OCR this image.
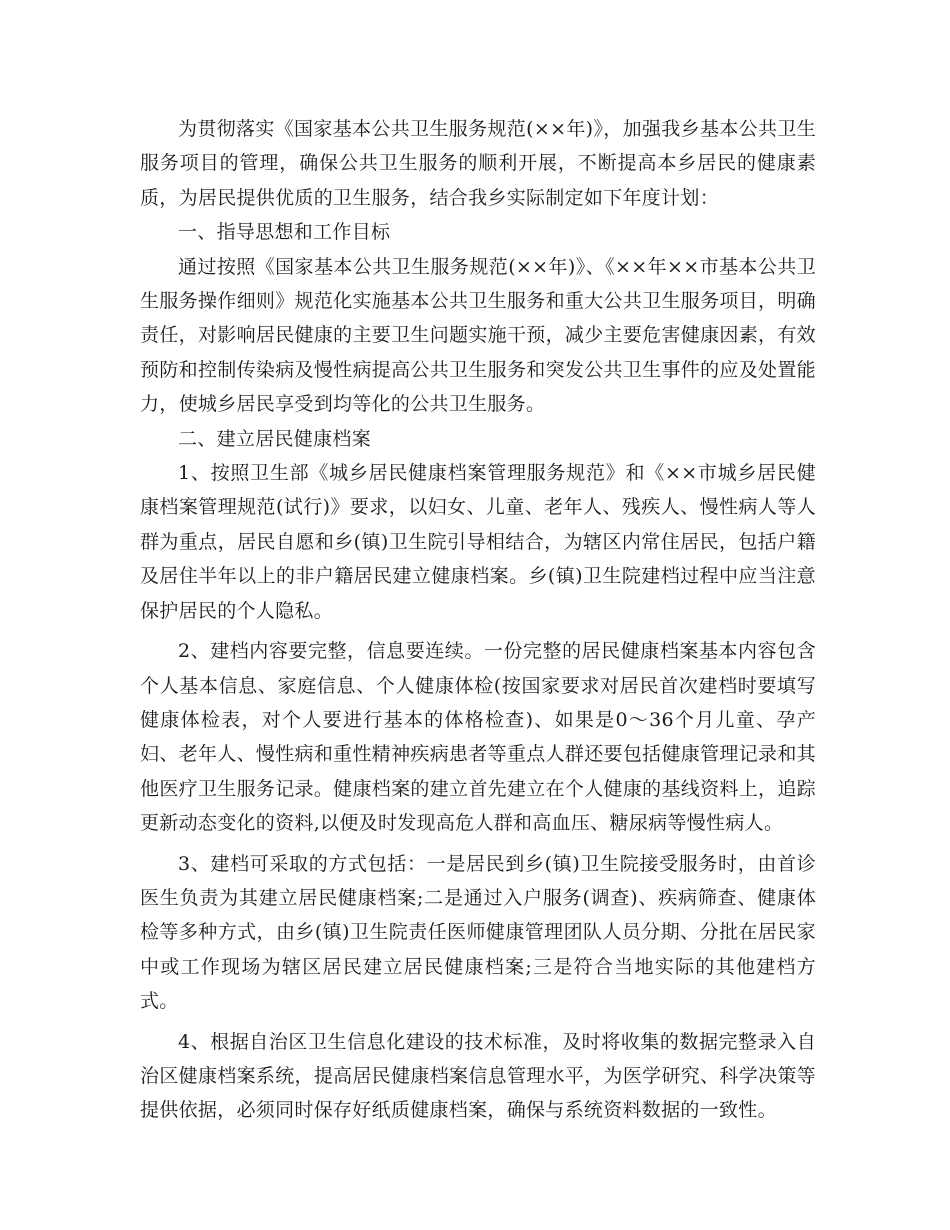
为贯彻落实《国家基本公共卫生服务规范(××年)》，加强我乡基本公共卫生服务项目的管理，确保公共卫生服务的顺利开展，不断提高本乡居民的健康素质，为居民提供优质的卫生服务，结合我乡实际制定如下年度计划：

一、指导思想和工作目标

通过按照《国家基本公共卫生服务规范(××年)》、《××年××市基本公共卫生服务操作细则》规范化实施基本公共卫生服务和重大公共卫生服务项目，明确责任，对影响居民健康的主要卫生问题实施干预，减少主要危害健康因素，有效预防和控制传染病及慢性病提高公共卫生服务和突发公共卫生事件的应及处置能力，使城乡居民享受到均等化的公共卫生服务。

二、建立居民健康档案

1、按照卫生部《城乡居民健康档案管理服务规范》和《××市城乡居民健康档案管理规范(试行)》要求，以妇女、儿童、老年人、残疾人、慢性病人等人群为重点，居民自愿和乡(镇)卫生院引导相结合，为辖区内常住居民，包括户籍及居住半年以上的非户籍居民建立健康档案。乡(镇)卫生院建档过程中应当注意保护居民的个人隐私。

2、建档内容要完整，信息要连续。一份完整的居民健康档案基本内容包含个人基本信息、家庭信息、个人健康体检(按国家要求对居民首次建档时要填写健康体检表，对个人要进行基本的体格检查)、如果是0～36个月儿童、孕产妇、老年人、慢性病和重性精神疾病患者等重点人群还要包括健康管理记录和其他医疗卫生服务记录。健康档案的建立首先建立在个人健康的基线资料上，追踪更新动态变化的资料,以便及时发现高危人群和高血压、糖尿病等慢性病人。

3、建档可采取的方式包括：一是居民到乡(镇)卫生院接受服务时，由首诊医生负责为其建立居民健康档案;二是通过入户服务(调查)、疾病筛查、健康体检等多种方式，由乡(镇)卫生院责任医师健康管理团队人员分期、分批在居民家中或工作现场为辖区居民建立居民健康档案;三是符合当地实际的其他建档方式。

4、根据自治区卫生信息化建设的技术标准，及时将收集的数据完整录入自治区健康档案系统，提高居民健康档案信息管理水平，为医学研究、科学决策等提供依据，必须同时保存好纸质健康档案，确保与系统资料数据的一致性。
